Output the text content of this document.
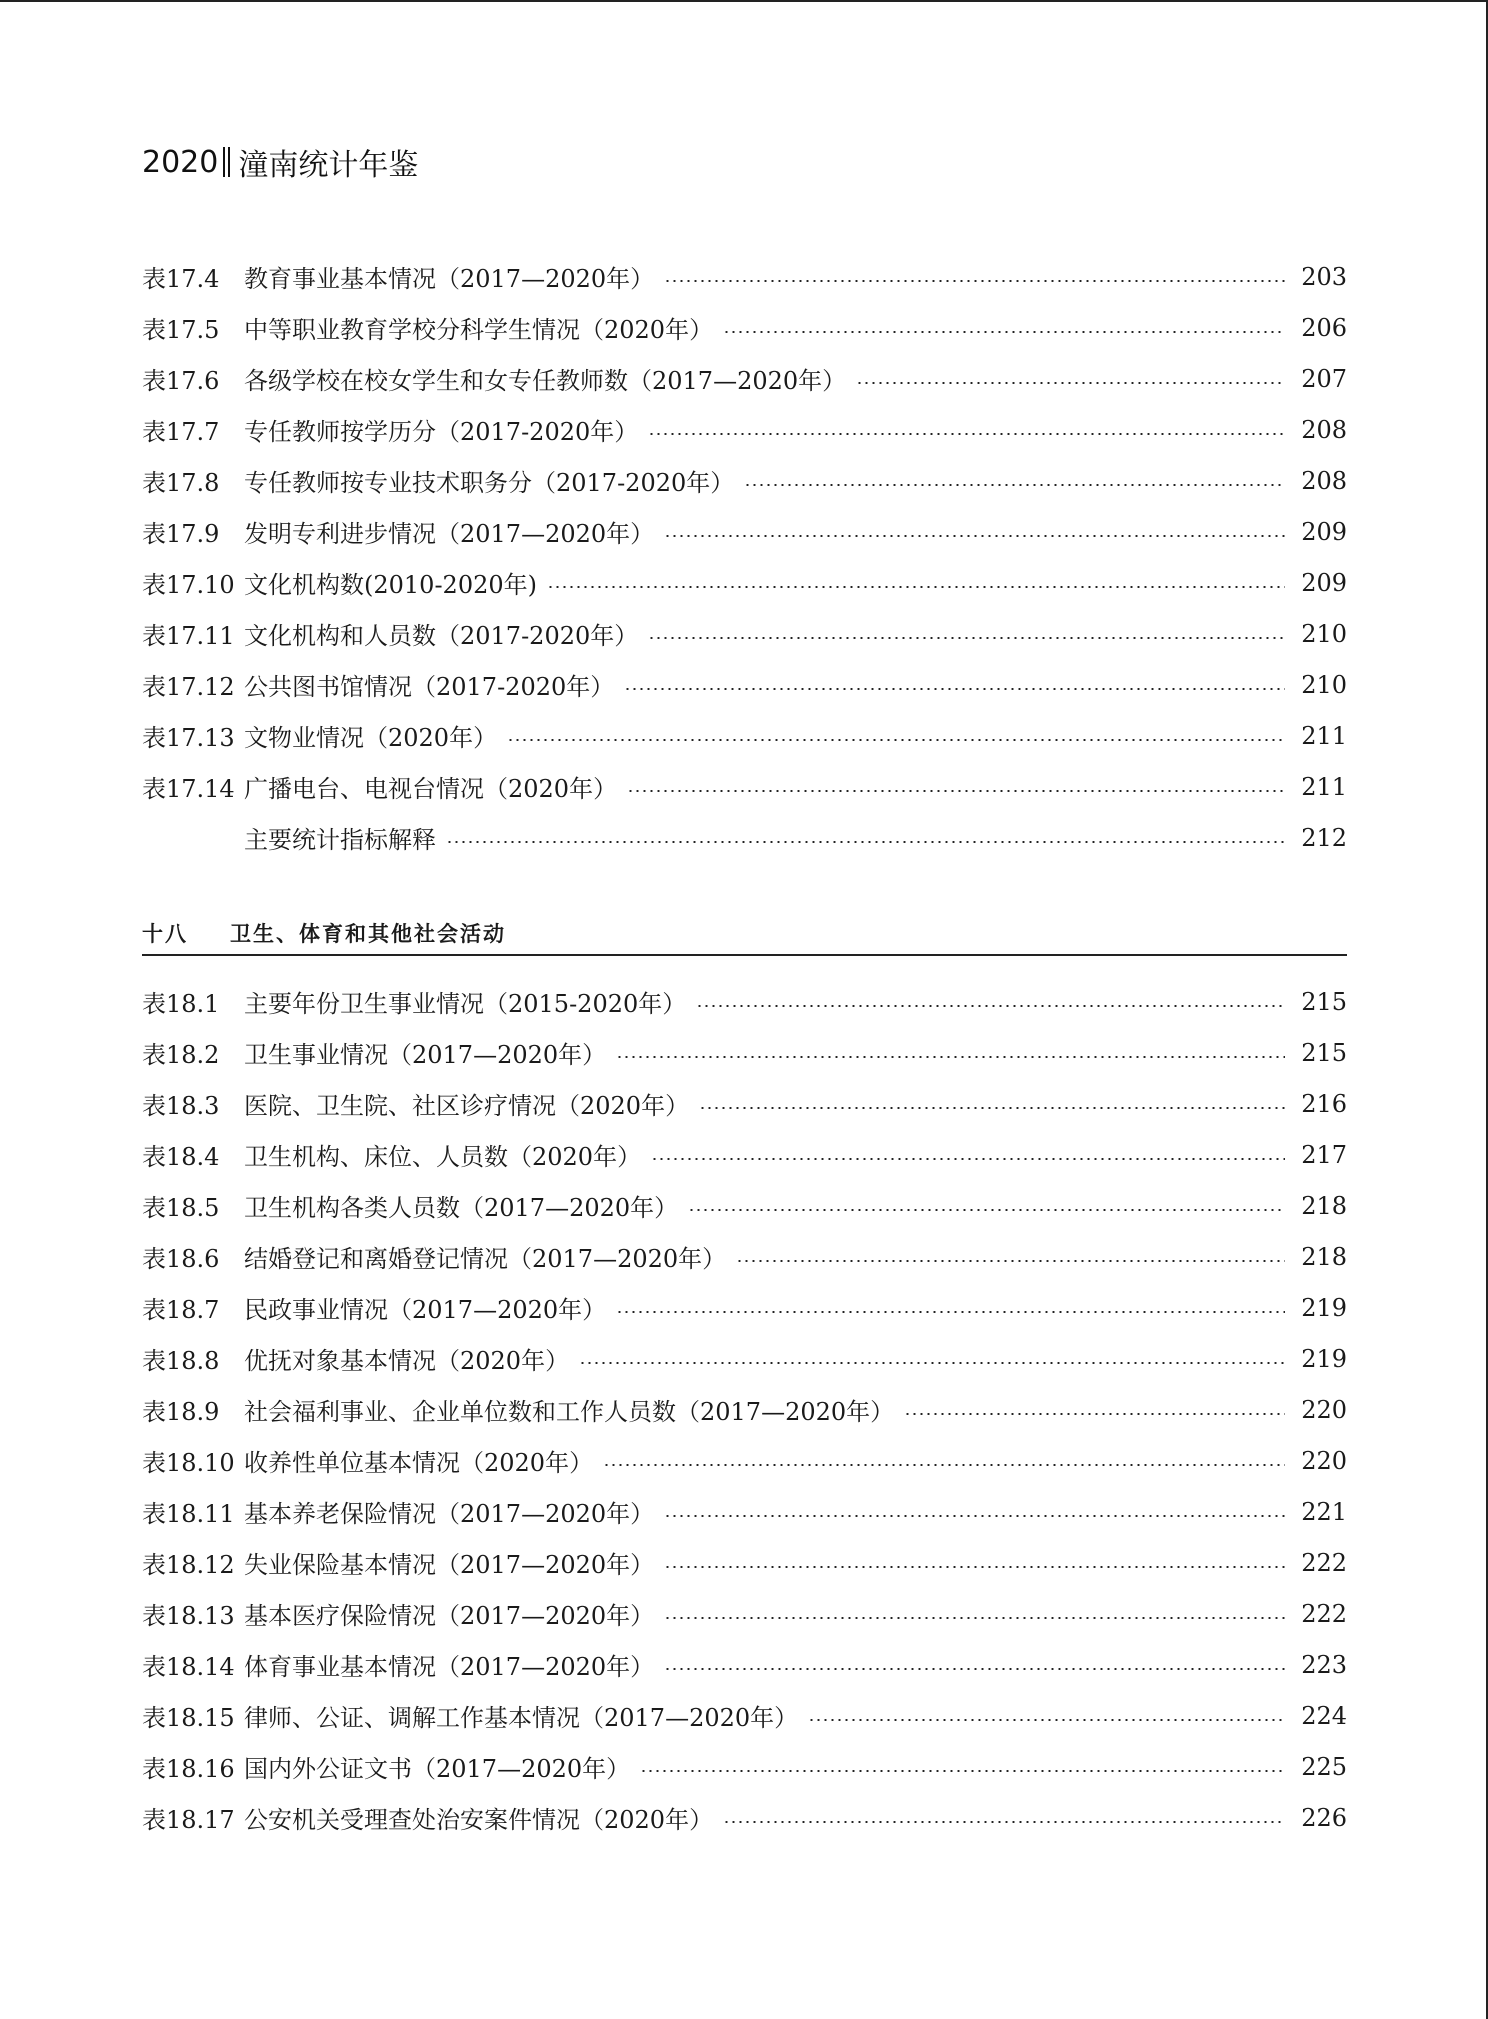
2020 潼南统计年鉴
表17.4	教育事业基本情况（2017—2020年）	203
表17.5	中等职业教育学校分科学生情况（2020年）	206
表17.6	各级学校在校女学生和女专任教师数（2017—2020年）	207
表17.7	专任教师按学历分（2017-2020年）	208
表17.8	专任教师按专业技术职务分（2017-2020年）	208
表17.9	发明专利进步情况（2017—2020年）	209
表17.10 文化机构数(2010-2020年)	209
表17.11 文化机构和人员数（2017-2020年）	210
表17.12 公共图书馆情况（2017-2020年）	210
表17.13 文物业情况（2020年）	211
表17.14 广播电台、电视台情况（2020年）	211
主要统计指标解释	212
十八	卫生、体育和其他社会活动
表18.1	主要年份卫生事业情况（2015-2020年）	215
表18.2	卫生事业情况（2017—2020年）	215
表18.3	医院、卫生院、社区诊疗情况（2020年）	216
表18.4	卫生机构、床位、人员数（2020年）	217
表18.5	卫生机构各类人员数（2017—2020年）	218
表18.6	结婚登记和离婚登记情况（2017—2020年）	218
表18.7	民政事业情况（2017—2020年）	219
表18.8	优抚对象基本情况（2020年）	219
表18.9	社会福利事业、企业单位数和工作人员数（2017—2020年）	220
表18.10 收养性单位基本情况（2020年）	220
表18.11 基本养老保险情况（2017—2020年）	221
表18.12 失业保险基本情况（2017—2020年）	222
表18.13 基本医疗保险情况（2017—2020年）	222
表18.14 体育事业基本情况（2017—2020年）	223
表18.15 律师、公证、调解工作基本情况（2017—2020年）	224
表18.16 国内外公证文书（2017—2020年）	225
表18.17 公安机关受理查处治安案件情况（2020年）	226
